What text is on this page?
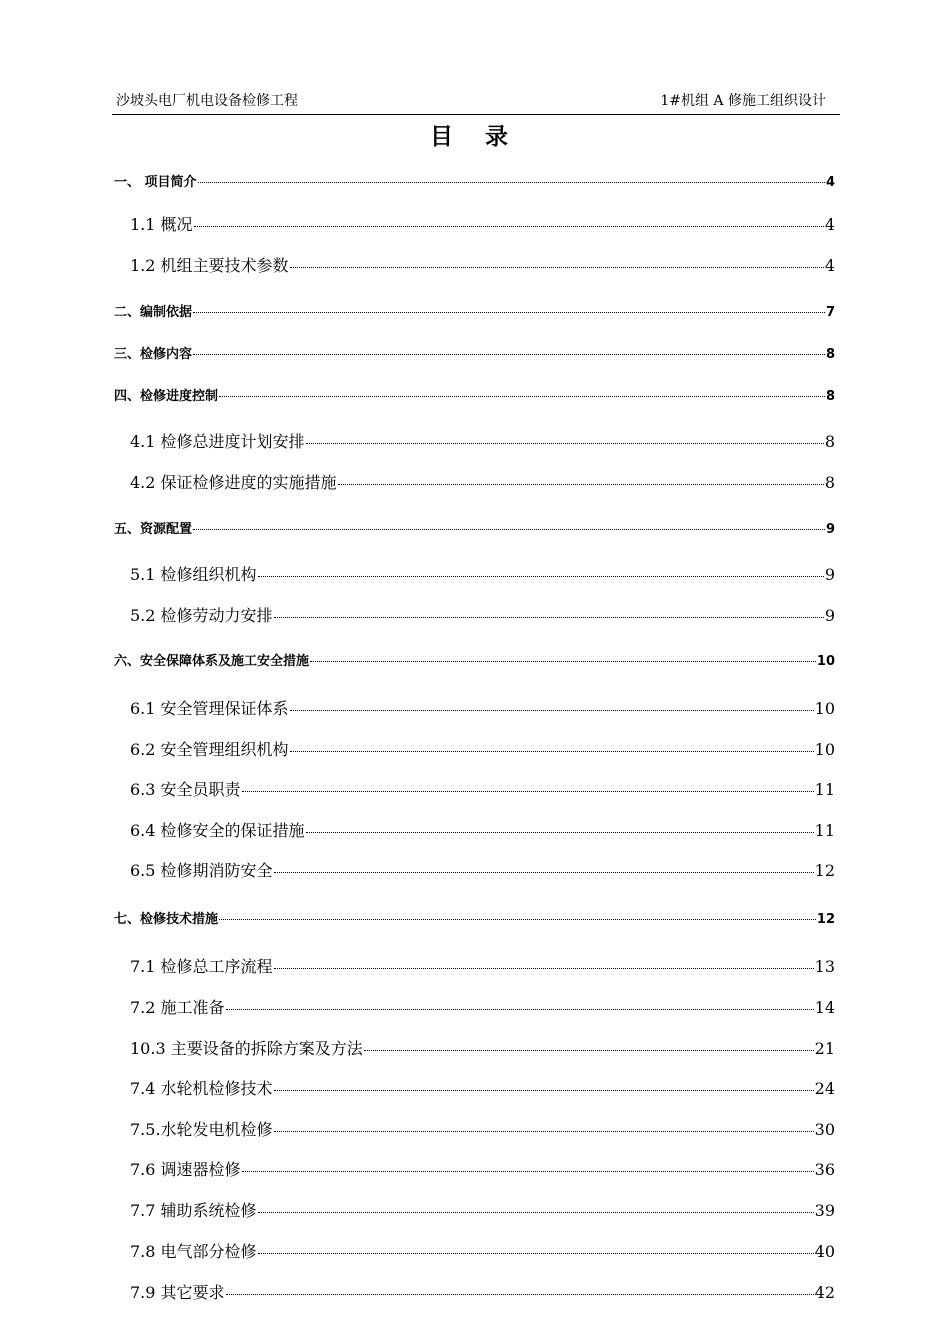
沙坡头电厂机电设备检修工程	1#机组 A 修施工组织设计
目 录
一、 项目简介	4
1.1 概况	4
1.2 机组主要技术参数	4
二、编制依据	7
三、检修内容	8
四、检修进度控制	8
4.1 检修总进度计划安排	8
4.2 保证检修进度的实施措施	8
五、资源配置	9
5.1 检修组织机构	9
5.2 检修劳动力安排	9
六、安全保障体系及施工安全措施	10
6.1 安全管理保证体系	10
6.2 安全管理组织机构	10
6.3 安全员职责	11
6.4 检修安全的保证措施	11
6.5 检修期消防安全	12
七、检修技术措施	12
7.1 检修总工序流程	13
7.2 施工准备	14
10.3 主要设备的拆除方案及方法	21
7.4 水轮机检修技术	24
7.5.水轮发电机检修	30
7.6 调速器检修	36
7.7 辅助系统检修	39
7.8 电气部分检修	40
7.9 其它要求	42
